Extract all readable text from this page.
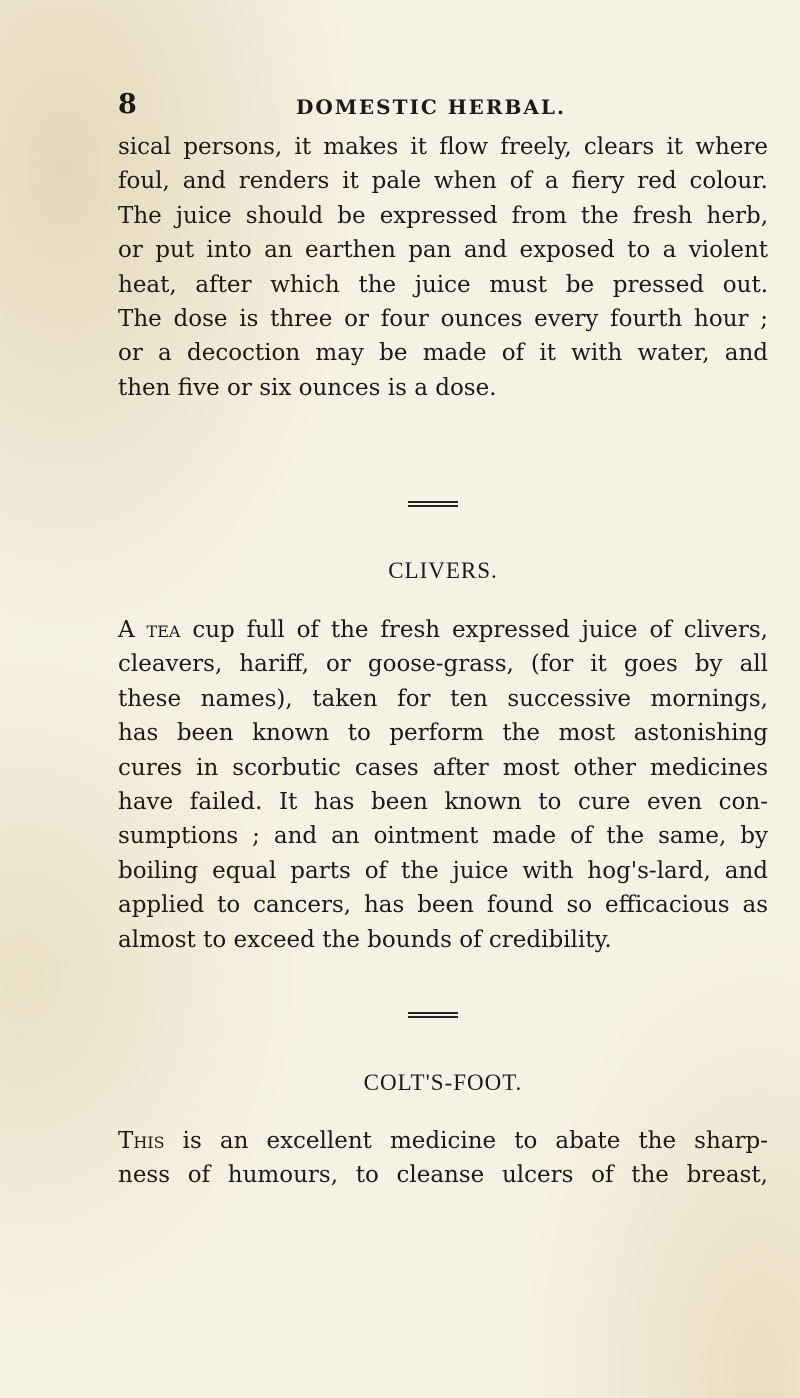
8	DOMESTIC HERBAL.
sical persons, it makes it flow freely, clears it where
foul, and renders it pale when of a fiery red colour.
The juice should be expressed from the fresh herb,
or put into an earthen pan and exposed to a violent
heat, after which the juice must be pressed out.
The dose is three or four ounces every fourth hour ;
or a decoction may be made of it with water, and
then five or six ounces is a dose.
CLIVERS.
A tea cup full of the fresh expressed juice of clivers,
cleavers, hariff, or goose-grass, (for it goes by all
these names), taken for ten successive mornings,
has been known to perform the most astonishing
cures in scorbutic cases after most other medicines
have failed. It has been known to cure even con-
sumptions ; and an ointment made of the same, by
boiling equal parts of the juice with hog's-lard, and
applied to cancers, has been found so efficacious as
almost to exceed the bounds of credibility.
COLT'S-FOOT.
This is an excellent medicine to abate the sharp-
ness of humours, to cleanse ulcers of the breast,
